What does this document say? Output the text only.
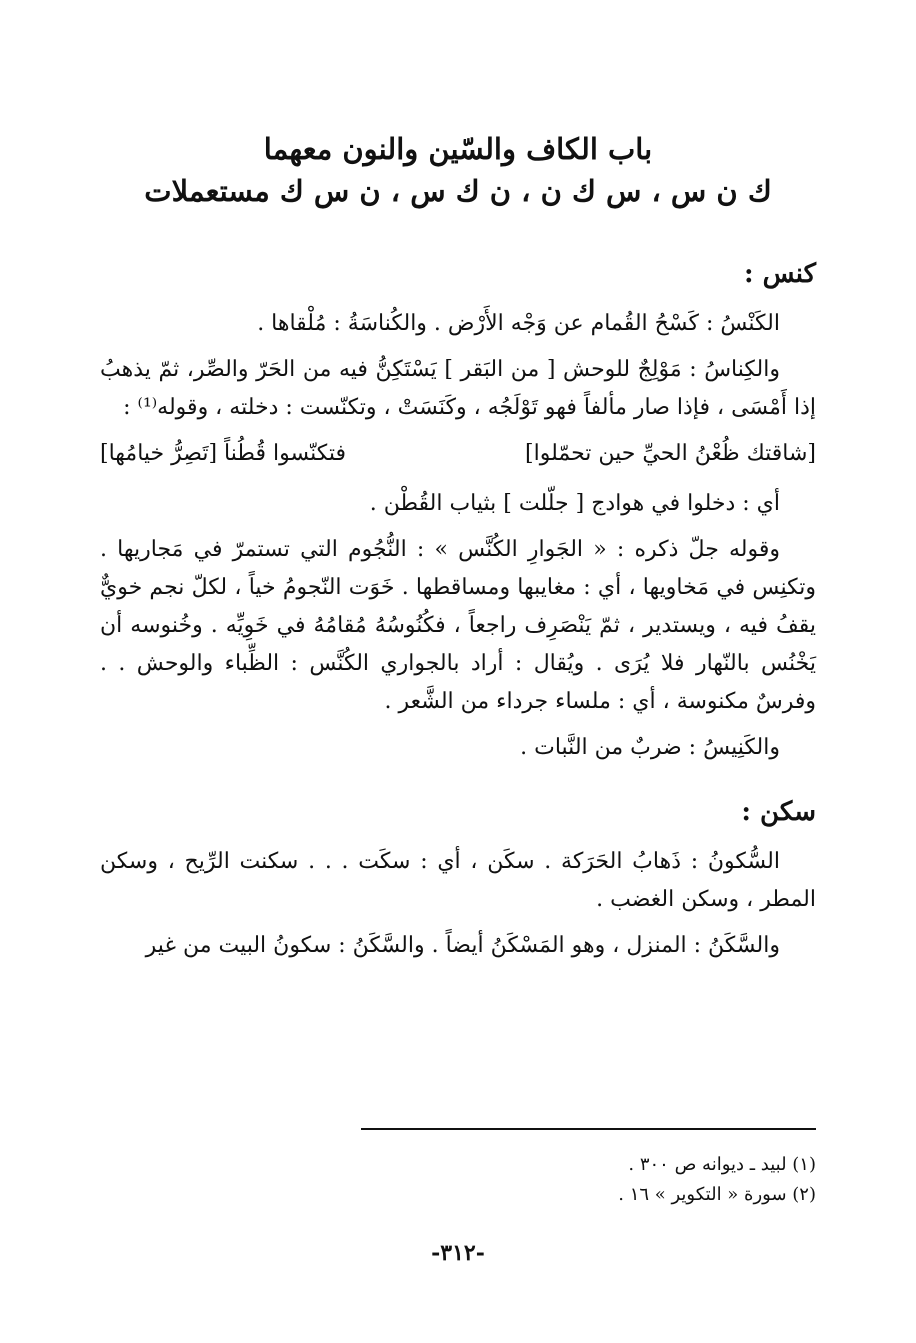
باب الكاف والسّين والنون معهما
ك ن س ، س ك ن ، ن ك س ، ن س ك مستعملات
كنس :

الكَنْسُ : كَسْحُ القُمام عن وَجْه الأَرْض . والكُناسَةُ : مُلْقاها .

والكِناسُ : مَوْلِجٌ للوحش [ من البَقر ] يَسْتَكِنُّ فيه من الحَرّ والصِّر، ثمّ يذهبُ إذا أَمْسَى ، فإذا صار مألفاً فهو تَوْلَجُه ، وكَنَسَتْ ، وتكنّست : دخلته ، وقوله⁽¹⁾ :

[شاقتك ظُعْنُ الحيِّ حين تحمّلوا]
فتكنّسوا قُطُناً [تَصِرُّ خيامُها]

أي : دخلوا في هوادج [ جلّلت ] بثياب القُطْن .

وقوله جلّ ذكره : « الجَوارِ الكُنَّس » : النُّجُوم التي تستمرّ في مَجاريها . وتكنِس في مَخاويها ، أي : مغايبها ومساقطها . خَوَت النّجومُ خياً ، لكلّ نجم خويٌّ يقفُ فيه ، ويستدير ، ثمّ يَنْصَرِف راجعاً ، فكُنُوسُهُ مُقامُهُ في خَوِيِّه . وخُنوسه أن يَخْنُس بالنّهار فلا يُرَى . ويُقال : أراد بالجواري الكُنَّس : الظِّباء والوحش . . وفرسٌ مكنوسة ، أي : ملساء جرداء من الشَّعر .

والكَنِيسُ : ضربٌ من النَّبات .

سكن :

السُّكونُ : ذَهابُ الحَرَكة . سكَن ، أي : سكَت . . . سكنت الرِّيح ، وسكن المطر ، وسكن الغضب .

والسَّكَنُ : المنزل ، وهو المَسْكَنُ أيضاً . والسَّكَنُ : سكونُ البيت من غير

(١) لبيد ـ ديوانه ص ٣٠٠ .
(٢) سورة « التكوير » ١٦ .
-٣١٢-
